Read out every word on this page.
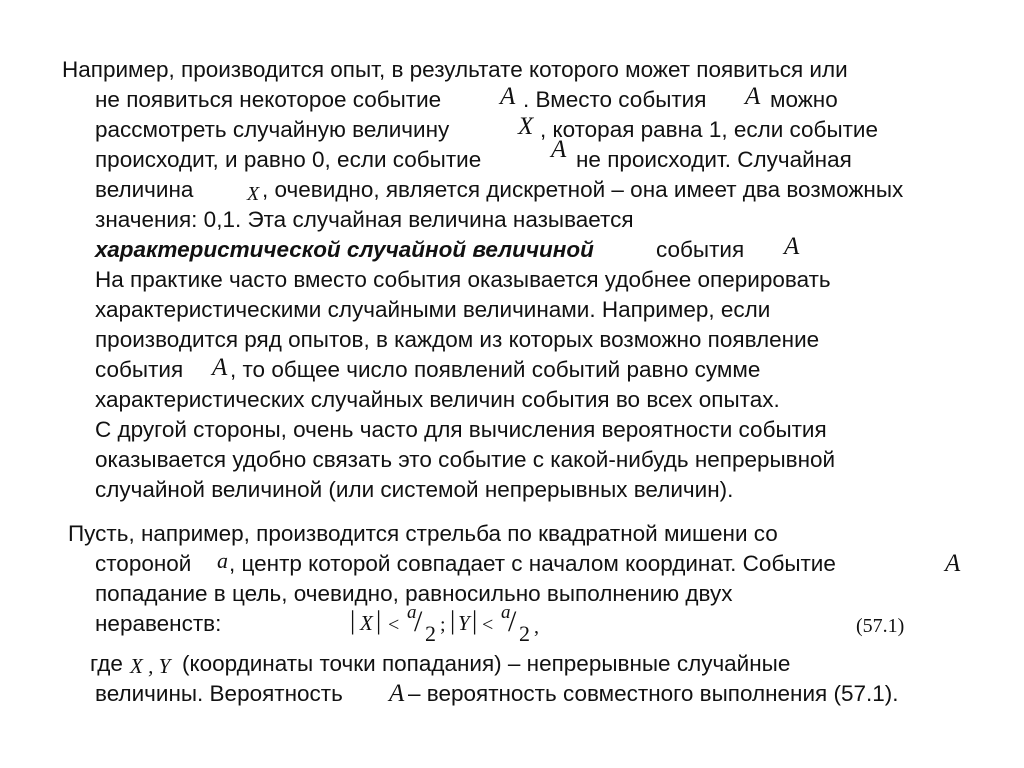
Например, производится опыт, в результате которого может появиться или
не появиться некоторое событие A . Вместо события A можно
рассмотреть случайную величину	X , которая равна 1, если событие
происходит, и равно 0, если событие	A не происходит. Случайная
величина	X , очевидно, является дискретной – она имеет два возможных
значения: 0,1. Эта случайная величина называется
характеристической случайной величиной	события A
На практике часто вместо события оказывается удобнее оперировать
характеристическими случайными величинами. Например, если
производится ряд опытов, в каждом из которых возможно появление
события A , то общее число появлений событий равно сумме
характеристических случайных величин события во всех опытах.
С другой стороны, очень часто для вычисления вероятности события
оказывается удобно связать это событие с какой-нибудь непрерывной
случайной величиной (или системой непрерывных величин).
Пусть, например, производится стрельба по квадратной мишени со
стороной a , центр которой совпадает с началом координат. Событие	A
попадание в цель, очевидно, равносильно выполнению двух
неравенств:	| X | <
a
/ 2 ; | Y | <
a
/ 2 ,	(57.1)
где X , Y (координаты точки попадания) – непрерывные случайные
величины. Вероятность A – вероятность совместного выполнения (57.1).
